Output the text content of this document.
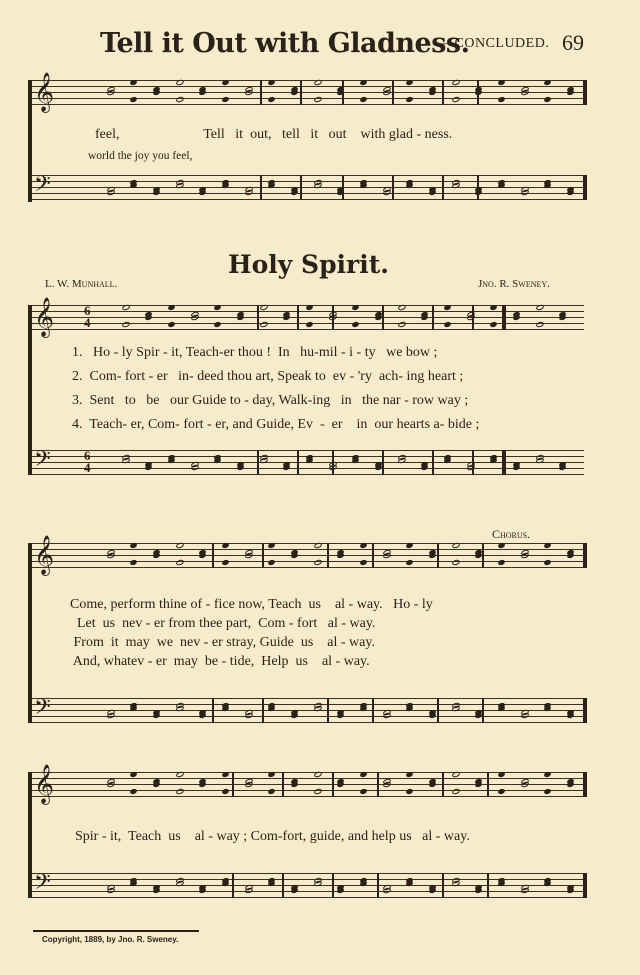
Tell it Out with Gladness.
—CONCLUDED. 69
𝄞
feel,                        Tell   it  out,   tell   it   out    with glad - ness.
world the joy you feel,
𝄢
Holy Spirit.
L. W. Munhall.	Jno. R. Sweney.
𝄞 6
4
1.   Ho - ly Spir - it, Teach-er thou !  In   hu-mil - i - ty   we bow ;
2.  Com- fort - er   in- deed thou art, Speak to  ev - 'ry  ach- ing heart ;
3.  Sent   to   be   our Guide to - day, Walk-ing   in   the nar - row way ;
4.  Teach- er, Com- fort - er, and Guide, Ev  -  er    in  our hearts a- bide ;
𝄢	6
4
Chorus.
𝄞
Come, perform thine of - fice now, Teach  us    al - way.   Ho - ly
Let  us  nev - er from thee part,  Com - fort   al - way.
From  it  may  we  nev - er stray, Guide  us    al - way.
And, whatev - er  may  be - tide,  Help  us    al - way.
𝄢
𝄞
Spir - it,  Teach  us    al - way ; Com-fort, guide, and help us   al - way.
𝄢
Copyright, 1889, by Jno. R. Sweney.
